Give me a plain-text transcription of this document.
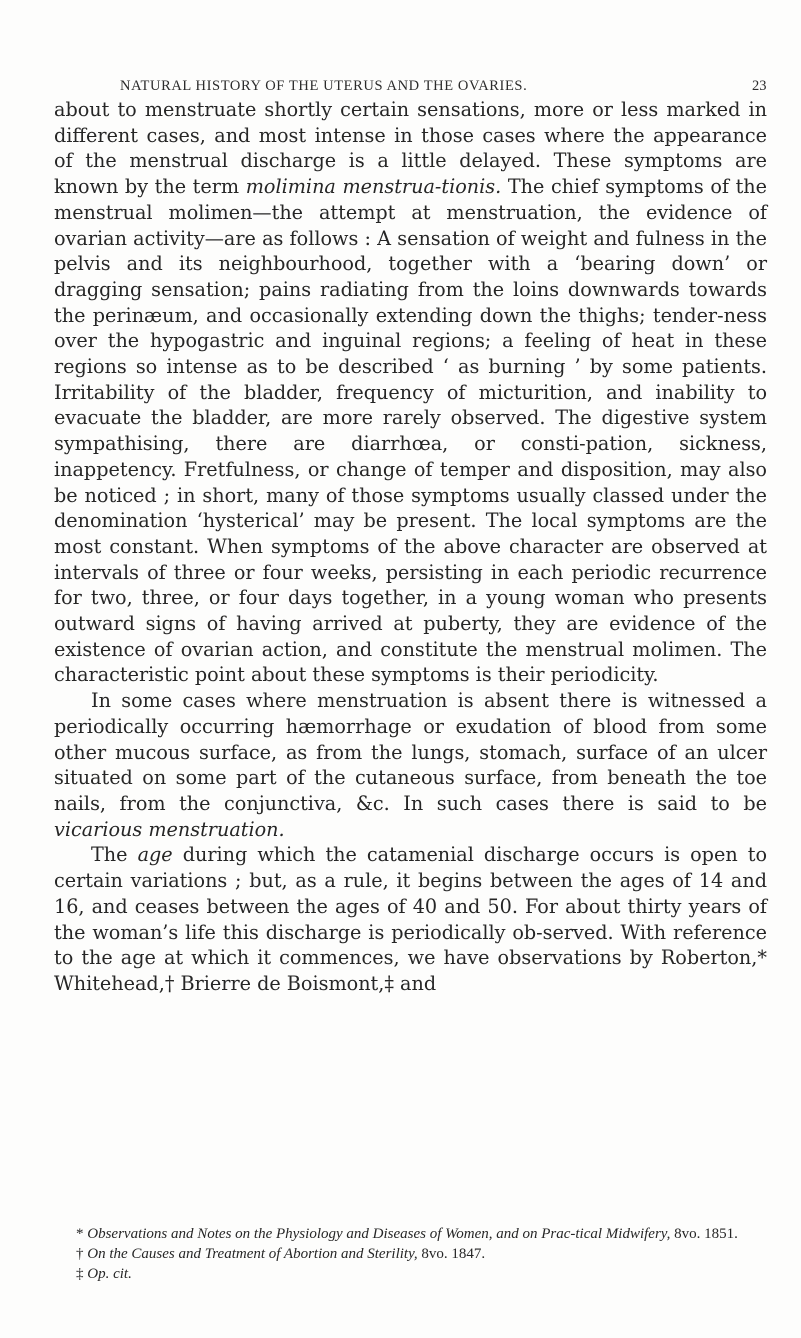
NATURAL HISTORY OF THE UTERUS AND THE OVARIES.	23

about to menstruate shortly certain sensations, more or less marked in different cases, and most intense in those cases where the appearance of the menstrual discharge is a little delayed. These symptoms are known by the term molimina menstrua-tionis. The chief symptoms of the menstrual molimen—the attempt at menstruation, the evidence of ovarian activity—are as follows : A sensation of weight and fulness in the pelvis and its neighbourhood, together with a ‘bearing down’ or dragging sensation; pains radiating from the loins downwards towards the perinæum, and occasionally extending down the thighs; tender-ness over the hypogastric and inguinal regions; a feeling of heat in these regions so intense as to be described ‘ as burning ’ by some patients. Irritability of the bladder, frequency of micturition, and inability to evacuate the bladder, are more rarely observed. The digestive system sympathising, there are diarrhœa, or consti-pation, sickness, inappetency. Fretfulness, or change of temper and disposition, may also be noticed ; in short, many of those symptoms usually classed under the denomination ‘hysterical’ may be present. The local symptoms are the most constant. When symptoms of the above character are observed at intervals of three or four weeks, persisting in each periodic recurrence for two, three, or four days together, in a young woman who presents outward signs of having arrived at puberty, they are evidence of the existence of ovarian action, and constitute the menstrual molimen. The characteristic point about these symptoms is their periodicity.

In some cases where menstruation is absent there is witnessed a periodically occurring hæmorrhage or exudation of blood from some other mucous surface, as from the lungs, stomach, surface of an ulcer situated on some part of the cutaneous surface, from beneath the toe nails, from the conjunctiva, &c. In such cases there is said to be vicarious menstruation.

The age during which the catamenial discharge occurs is open to certain variations ; but, as a rule, it begins between the ages of 14 and 16, and ceases between the ages of 40 and 50. For about thirty years of the woman’s life this discharge is periodically ob-served. With reference to the age at which it commences, we have observations by Roberton,* Whitehead,† Brierre de Boismont,‡ and

* Observations and Notes on the Physiology and Diseases of Women, and on Prac-tical Midwifery, 8vo. 1851.

† On the Causes and Treatment of Abortion and Sterility, 8vo. 1847.

‡ Op. cit.
